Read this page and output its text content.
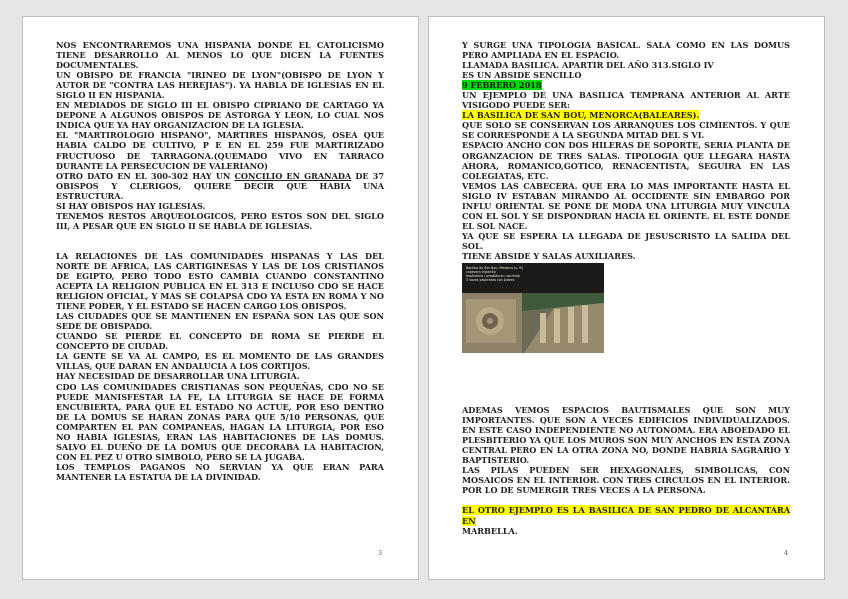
NOS ENCONTRAREMOS UNA HISPANIA DONDE EL CATOLICISMO TIENE DESARROLLO AL MENOS LO QUE DICEN LA FUENTES DOCUMENTALES.

UN OBISPO DE FRANCIA "IRINEO DE LYON"(OBISPO DE LYON Y AUTOR DE "CONTRA LAS HEREJIAS"). YA HABLA DE IGLESIAS EN EL SIGLO II EN HISPANIA.

EN MEDIADOS DE SIGLO III EL OBISPO CIPRIANO DE CARTAGO YA DEPONE A ALGUNOS OBISPOS DE ASTORGA Y LEON, LO CUAL NOS INDICA QUE YA HAY ORGANIZACION DE LA IGLESIA.

EL "MARTIROLOGIO HISPANO", MARTIRES HISPANOS, OSEA QUE HABIA CALDO DE CULTIVO, P E EN EL 259 FUE MARTIRIZADO FRUCTUOSO DE TARRAGONA.(QUEMADO VIVO EN TARRACO DURANTE LA PERSECUCION DE VALERIANO)

OTRO DATO EN EL 300-302 HAY UN CONCILIO EN GRANADA DE 37 OBISPOS Y CLERIGOS, QUIERE DECIR QUE HABIA UNA ESTRUCTURA.

SI HAY OBISPOS HAY IGLESIAS.

TENEMOS RESTOS ARQUEOLOGICOS, PERO ESTOS SON DEL SIGLO III, A PESAR QUE EN SIGLO II SE HABLA DE IGLESIAS.

LA RELACIONES DE LAS COMUNIDADES HISPANAS Y LAS DEL NORTE DE AFRICA, LAS CARTIGINESAS Y LAS DE LOS CRISTIANOS DE EGIPTO, PERO TODO ESTO CAMBIA CUANDO CONSTANTINO ACEPTA LA RELIGION PUBLICA EN EL 313 E INCLUSO CDO SE HACE RELIGION OFICIAL, Y MAS SE COLAPSA CDO YA ESTA EN ROMA Y NO TIENE PODER, Y EL ESTADO SE HACEN CARGO LOS OBISPOS.

LAS CIUDADES QUE SE MANTIENEN EN ESPAÑA SON LAS QUE SON SEDE DE OBISPADO.

CUANDO SE PIERDE EL CONCEPTO DE ROMA SE PIERDE EL CONCEPTO DE CIUDAD.

LA GENTE SE VA AL CAMPO, ES EL MOMENTO DE LAS GRANDES VILLAS, QUE DARAN EN ANDALUCIA A LOS CORTIJOS.

HAY NECESIDAD DE DESARROLLAR UNA LITURGIA.

CDO LAS COMUNIDADES CRISTIANAS SON PEQUEÑAS, CDO NO SE PUEDE MANISFESTAR LA FE, LA LITURGIA SE HACE DE FORMA ENCUBIERTA, PARA QUE EL ESTADO NO ACTUE, POR ESO DENTRO DE LA DOMUS SE HARAN ZONAS PARA QUE 5/10 PERSONAS, QUE COMPARTEN EL PAN COMPANEAS, HAGAN LA LITURGIA, POR ESO NO HABIA IGLESIAS, ERAN LAS HABITACIONES DE LAS DOMUS. SALVO EL DUEÑO DE LA DOMUS QUE DECORABA LA HABITACION, CON EL PEZ U OTRO SIMBOLO, PERO SE LA JUGABA.

LOS TEMPLOS PAGANOS NO SERVIAN YA QUE ERAN PARA MANTENER LA ESTATUA DE LA DIVINIDAD.

3

Y SURGE UNA TIPOLOGIA BASICAL. SALA COMO EN LAS DOMUS PERO AMPLIADA EN EL ESPACIO.

LLAMADA BASILICA. APARTIR DEL AÑO 313.SIGLO IV

ES UN ABSIDE SENCILLO

9 FEBRERO 2018

UN EJEMPLO DE UNA BASILICA TEMPRANA ANTERIOR AL ARTE VISIGODO PUEDE SER:

LA BASILICA DE SAN BOU, MENORCA(BALEARES).

QUE SOLO SE CONSERVAN LOS ARRANQUES LOS CIMIENTOS. Y QUE SE CORRESPONDE A LA SEGUNDA MITAD DEL S VI.

ESPACIO ANCHO CON DOS HILERAS DE SOPORTE, SERIA PLANTA DE ORGANZACION DE TRES SALAS. TIPOLOGIA QUE LLEGARA HASTA AHORA, ROMANICO,GOTICO, RENACENTISTA, SEGUIRA EN LAS COLEGIATAS, ETC.

VEMOS LAS CABECERA. QUE ERA LO MAS IMPORTANTE HASTA EL SIGLO IV ESTABAN MIRANDO AL OCCIDENTE SIN EMBARGO POR INFLU ORIENTAL SE PONE DE MODA UNA LITURGIA MUY VINCULA CON EL SOL Y SE DISPONDRAN HACIA EL ORIENTE. EL ESTE DONDE EL SOL NACE.

YA QUE SE ESPERA LA LLEGADA DE JESUSCRISTO LA SALIDA DEL SOL.

TIENE ABSIDE Y SALAS AUXILIARES.

Basílica de Son Bou, Menorca (s. VI)
cabecera tripartita
baptisterio / presbiterio / sacristía
3 naves separadas con pilares

ADEMAS VEMOS ESPACIOS BAUTISMALES QUE SON MUY IMPORTANTES. QUE SON A VECES EDIFICIOS INDIVIDUALIZADOS. EN ESTE CASO INDEPENDIENTE NO AUTONOMA. ERA ABOEDADO EL PLESBITERIO YA QUE LOS MUROS SON MUY ANCHOS EN ESTA ZONA CENTRAL PERO EN LA OTRA ZONA NO, DONDE HABRIA SAGRARIO Y BAPTISTERIO.

LAS PILAS PUEDEN SER HEXAGONALES, SIMBOLICAS, CON MOSAICOS EN EL INTERIOR. CON TRES CIRCULOS EN EL INTERIOR. POR LO DE SUMERGIR TRES VECES A LA PERSONA.

EL OTRO EJEMPLO ES LA BASILICA DE SAN PEDRO DE ALCANTARA EN

MARBELLA.

4
